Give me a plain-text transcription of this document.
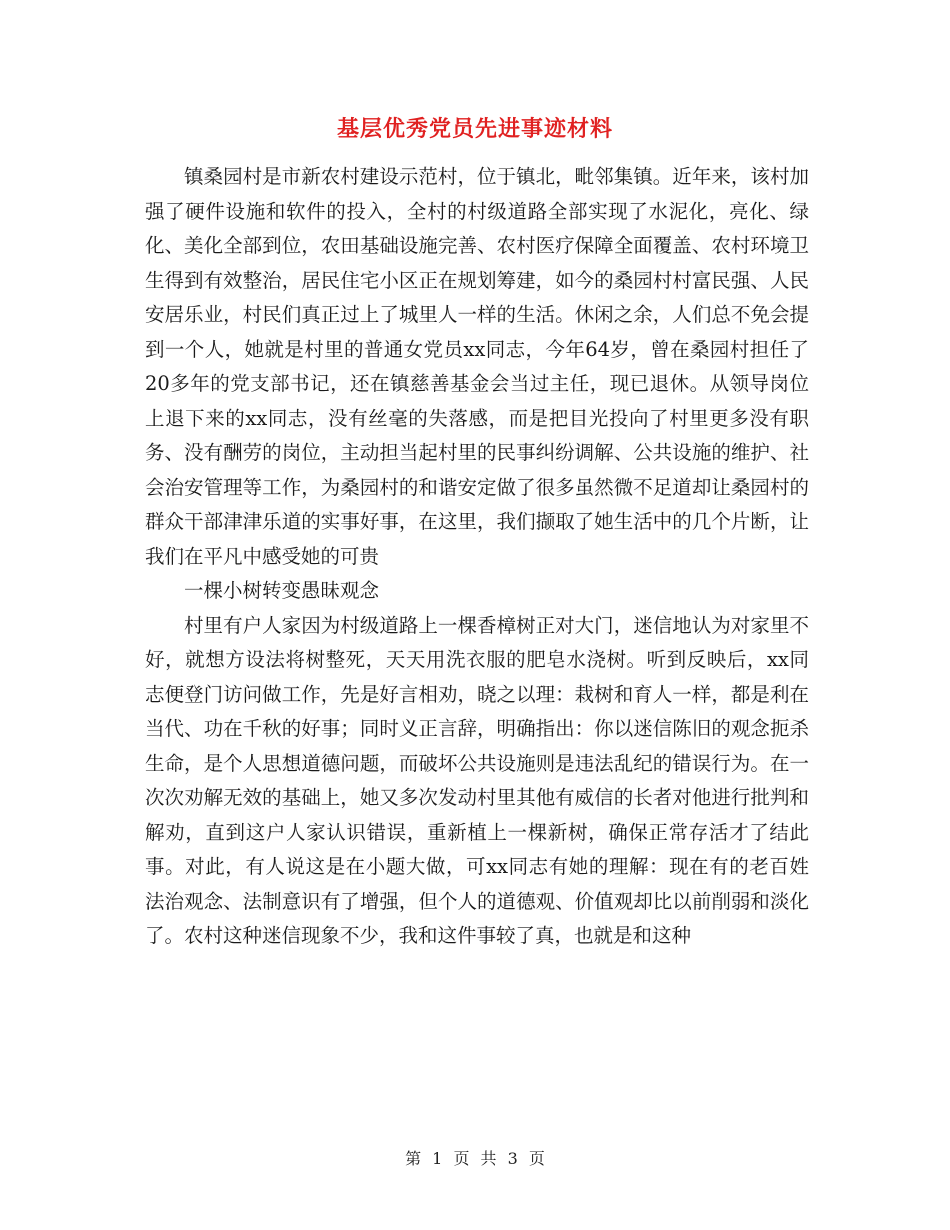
基层优秀党员先进事迹材料

镇桑园村是市新农村建设示范村，位于镇北，毗邻集镇。近年来，该村加强了硬件设施和软件的投入，全村的村级道路全部实现了水泥化，亮化、绿化、美化全部到位，农田基础设施完善、农村医疗保障全面覆盖、农村环境卫生得到有效整治，居民住宅小区正在规划筹建，如今的桑园村村富民强、人民安居乐业，村民们真正过上了城里人一样的生活。休闲之余，人们总不免会提到一个人，她就是村里的普通女党员xx同志，今年64岁，曾在桑园村担任了20多年的党支部书记，还在镇慈善基金会当过主任，现已退休。从领导岗位上退下来的xx同志，没有丝毫的失落感，而是把目光投向了村里更多没有职务、没有酬劳的岗位，主动担当起村里的民事纠纷调解、公共设施的维护、社会治安管理等工作，为桑园村的和谐安定做了很多虽然微不足道却让桑园村的群众干部津津乐道的实事好事，在这里，我们撷取了她生活中的几个片断，让我们在平凡中感受她的可贵

一棵小树转变愚昧观念

村里有户人家因为村级道路上一棵香樟树正对大门，迷信地认为对家里不好，就想方设法将树整死，天天用洗衣服的肥皂水浇树。听到反映后，xx同志便登门访问做工作，先是好言相劝，晓之以理：栽树和育人一样，都是利在当代、功在千秋的好事；同时义正言辞，明确指出：你以迷信陈旧的观念扼杀生命，是个人思想道德问题，而破坏公共设施则是违法乱纪的错误行为。在一次次劝解无效的基础上，她又多次发动村里其他有威信的长者对他进行批判和解劝，直到这户人家认识错误，重新植上一棵新树，确保正常存活才了结此事。对此，有人说这是在小题大做，可xx同志有她的理解：现在有的老百姓法治观念、法制意识有了增强，但个人的道德观、价值观却比以前削弱和淡化了。农村这种迷信现象不少，我和这件事较了真，也就是和这种

第 1 页 共 3 页
